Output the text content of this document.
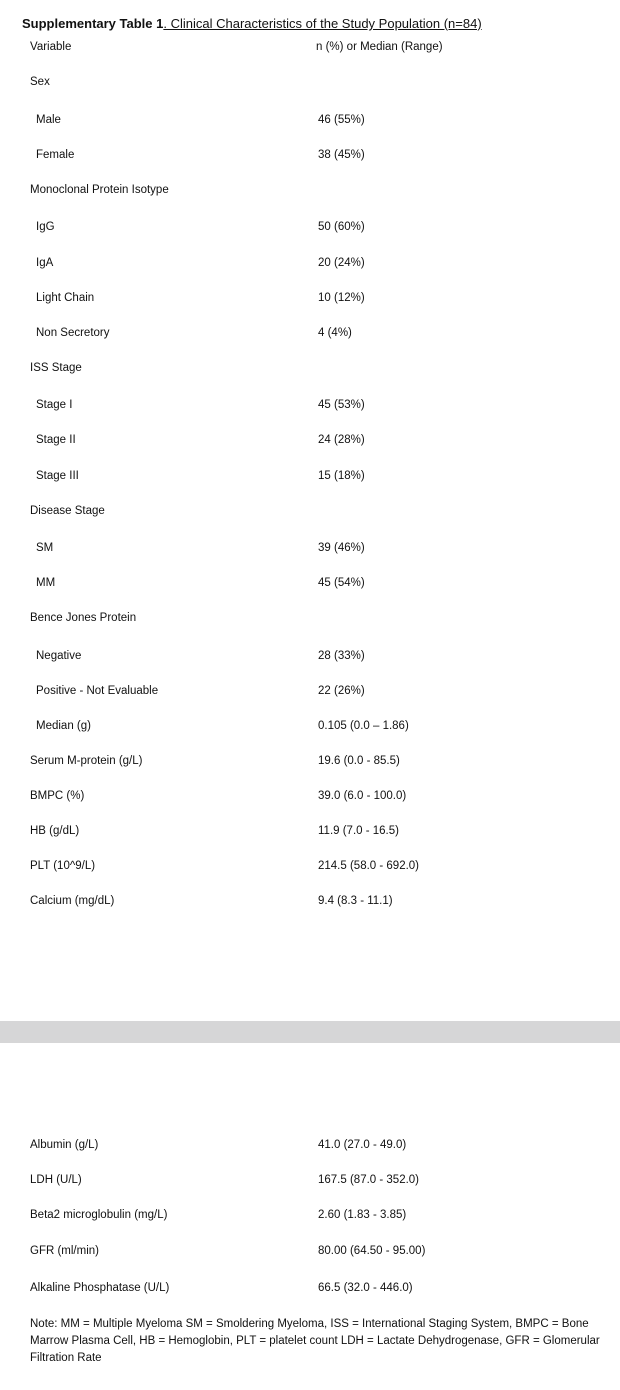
Supplementary Table 1. Clinical Characteristics of the Study Population (n=84)
Variable	n (%) or Median (Range)
Sex
Male	46 (55%)
Female	38 (45%)
Monoclonal Protein Isotype
IgG	50 (60%)
IgA	20 (24%)
Light Chain	10 (12%)
Non Secretory	4 (4%)
ISS Stage
Stage I	45 (53%)
Stage II	24 (28%)
Stage III	15 (18%)
Disease Stage
SM	39 (46%)
MM	45 (54%)
Bence Jones Protein
Negative	28 (33%)
Positive - Not Evaluable	22 (26%)
Median (g)	0.105 (0.0 – 1.86)
Serum M-protein (g/L)	19.6 (0.0 - 85.5)
BMPC (%)	39.0 (6.0 - 100.0)
HB (g/dL)	11.9 (7.0 - 16.5)
PLT (10^9/L)	214.5 (58.0 - 692.0)
Calcium (mg/dL)	9.4 (8.3 - 11.1)
Albumin (g/L)	41.0 (27.0 - 49.0)
LDH (U/L)	167.5 (87.0 - 352.0)
Beta2 microglobulin (mg/L)	2.60 (1.83 - 3.85)
GFR (ml/min)	80.00 (64.50 - 95.00)
Alkaline Phosphatase (U/L)	66.5 (32.0 - 446.0)
Note: MM = Multiple Myeloma SM = Smoldering Myeloma, ISS = International Staging System, BMPC = Bone Marrow Plasma Cell, HB = Hemoglobin, PLT = platelet count LDH = Lactate Dehydrogenase, GFR = Glomerular Filtration Rate
